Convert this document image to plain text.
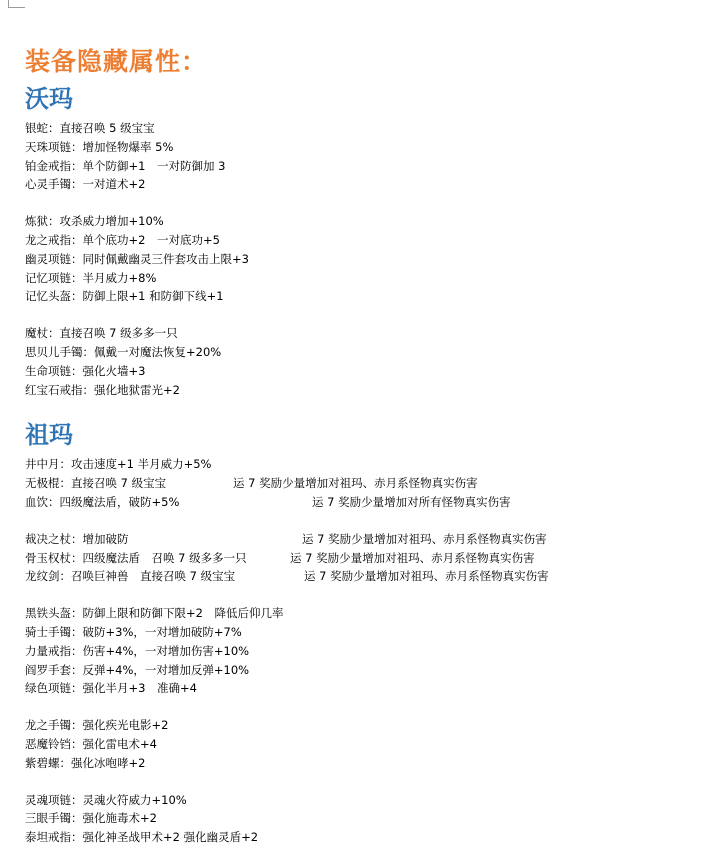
装备隐藏属性：
沃玛
银蛇：直接召唤 5 级宝宝
天珠项链：增加怪物爆率 5%
铂金戒指：单个防御+1　一对防御加 3
心灵手镯：一对道术+2
炼狱：攻杀威力增加+10%
龙之戒指：单个底功+2　一对底功+5
幽灵项链：同时佩戴幽灵三件套攻击上限+3
记忆项链：半月威力+8%
记忆头盔：防御上限+1 和防御下线+1
魔杖：直接召唤 7 级多多一只
思贝儿手镯：佩戴一对魔法恢复+20%
生命项链：强化火墙+3
红宝石戒指：强化地狱雷光+2
祖玛
井中月：攻击速度+1 半月威力+5%
无极棍：直接召唤 7 级宝宝	运 7 奖励少量增加对祖玛、赤月系怪物真实伤害
血饮：四级魔法盾，破防+5%	运 7 奖励少量增加对所有怪物真实伤害
裁决之杖：增加破防	运 7 奖励少量增加对祖玛、赤月系怪物真实伤害
骨玉权杖：四级魔法盾　召唤 7 级多多一只	运 7 奖励少量增加对祖玛、赤月系怪物真实伤害
龙纹剑：召唤巨神兽　直接召唤 7 级宝宝	运 7 奖励少量增加对祖玛、赤月系怪物真实伤害
黑铁头盔：防御上限和防御下限+2　降低后仰几率
骑士手镯：破防+3%，一对增加破防+7%
力量戒指：伤害+4%，一对增加伤害+10%
阎罗手套：反弹+4%，一对增加反弹+10%
绿色项链：强化半月+3　准确+4
龙之手镯：强化疾光电影+2
恶魔铃铛：强化雷电术+4
紫碧螺：强化冰咆哮+2
灵魂项链：灵魂火符威力+10%
三眼手镯：强化施毒术+2
泰坦戒指：强化神圣战甲术+2 强化幽灵盾+2
